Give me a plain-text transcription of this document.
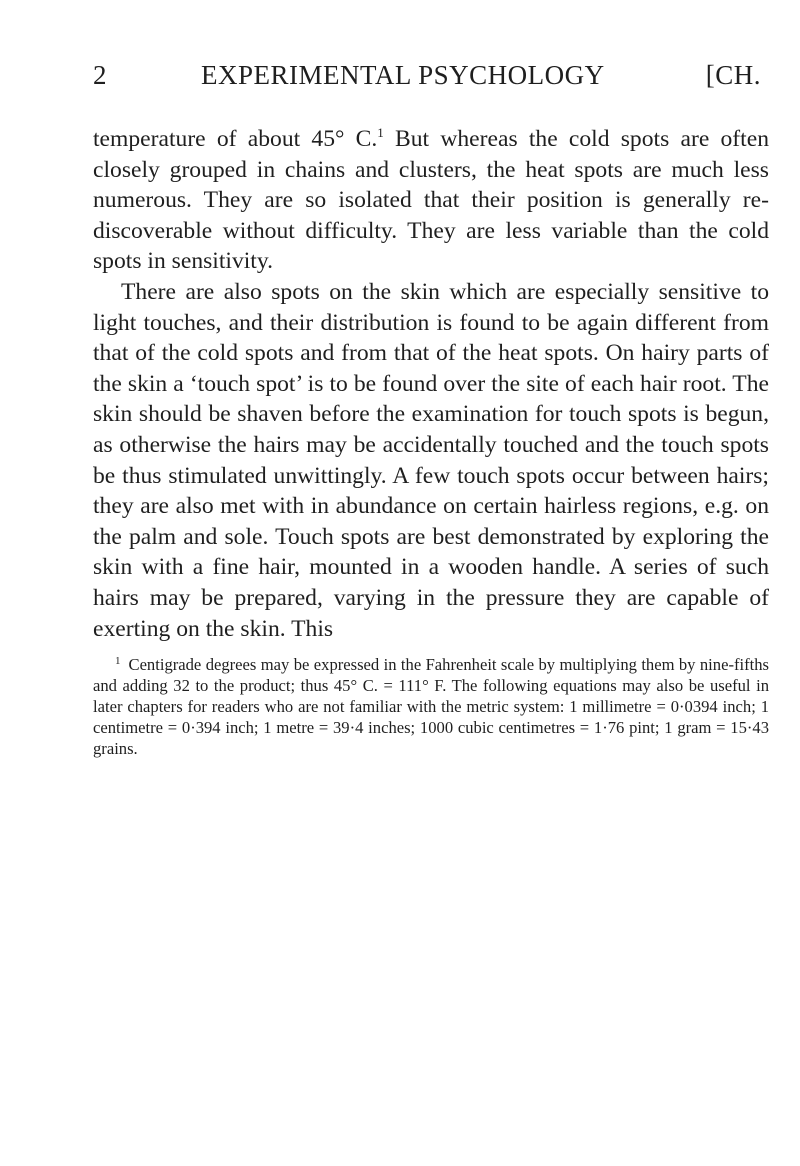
2	EXPERIMENTAL PSYCHOLOGY	[CH.

temperature of about 45° C.$^1$ But whereas the cold spots are often closely grouped in chains and clusters, the heat spots are much less numerous. They are so isolated that their position is generally re-discoverable without difficulty. They are less variable than the cold spots in sensitivity.

There are also spots on the skin which are especially sensitive to light touches, and their distribution is found to be again different from that of the cold spots and from that of the heat spots. On hairy parts of the skin a ‘touch spot’ is to be found over the site of each hair root. The skin should be shaven before the examination for touch spots is begun, as otherwise the hairs may be accidentally touched and the touch spots be thus stimulated unwittingly. A few touch spots occur between hairs; they are also met with in abundance on certain hairless regions, e.g. on the palm and sole. Touch spots are best demonstrated by exploring the skin with a fine hair, mounted in a wooden handle. A series of such hairs may be prepared, varying in the pressure they are capable of exerting on the skin. This

$^1$ Centigrade degrees may be expressed in the Fahrenheit scale by multiplying them by nine-fifths and adding 32 to the product; thus 45° C. = 111° F. The following equations may also be useful in later chapters for readers who are not familiar with the metric system: 1 millimetre = 0·0394 inch; 1 centimetre = 0·394 inch; 1 metre = 39·4 inches; 1000 cubic centimetres = 1·76 pint; 1 gram = 15·43 grains.
